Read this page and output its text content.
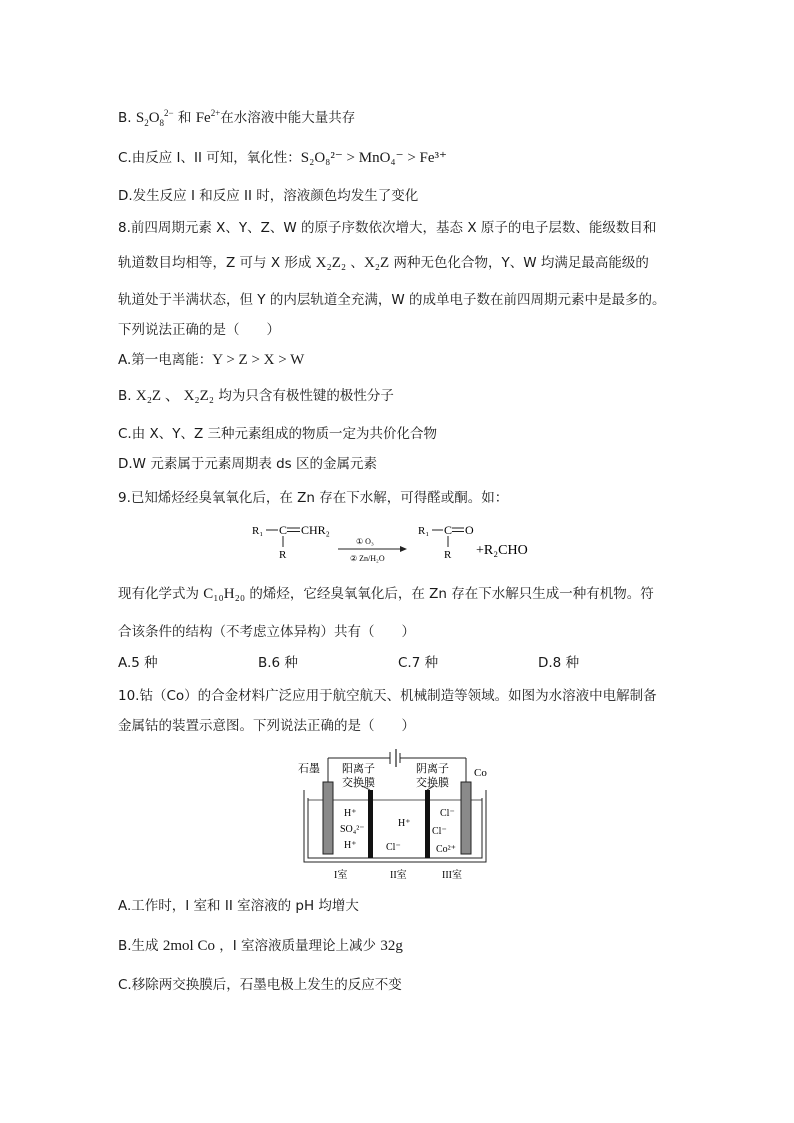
B. $S_2O_8^{2-}$ 和 $Fe^{2+}$在水溶液中能大量共存
C.由反应 I、II 可知，氧化性：S₂O₈²⁻ > MnO₄⁻ > Fe³⁺
D.发生反应 I 和反应 II 时，溶液颜色均发生了变化
8.前四周期元素 X、Y、Z、W 的原子序数依次增大，基态 X 原子的电子层数、能级数目和
轨道数目均相等，Z 可与 X 形成 X₂Z₂ 、X₂Z 两种无色化合物，Y、W 均满足最高能级的
轨道处于半满状态，但 Y 的内层轨道全充满，W 的成单电子数在前四周期元素中是最多的。
下列说法正确的是（　　）
A.第一电离能：Y > Z > X > W
B. X₂Z 、 X₂Z₂ 均为只含有极性键的极性分子
C.由 X、Y、Z 三种元素组成的物质一定为共价化合物
D.W 元素属于元素周期表 ds 区的金属元素
9.已知烯烃经臭氧氧化后，在 Zn 存在下水解，可得醛或酮。如：
R₁ C CHR₂
R
① O₃
② Zn/H₂O
R₁ C O
R +R₂CHO
现有化学式为 C₁₀H₂₀ 的烯烃，它经臭氧氧化后，在 Zn 存在下水解只生成一种有机物。符
合该条件的结构（不考虑立体异构）共有（　　）
A.5 种	B.6 种	C.7 种	D.8 种
10.钴（Co）的合金材料广泛应用于航空航天、机械制造等领域。如图为水溶液中电解制备
金属钴的装置示意图。下列说法正确的是（　　）
石墨	Co
阳离子
交换膜
阴离子
交换膜
H⁺
SO₄²⁻
H⁺
H⁺
Cl⁻
Cl⁻
Cl⁻
Co²⁺
I室	II室	III室
A.工作时，I 室和 II 室溶液的 pH 均增大
B.生成 2mol Co ，I 室溶液质量理论上减少 32g
C.移除两交换膜后，石墨电极上发生的反应不变
